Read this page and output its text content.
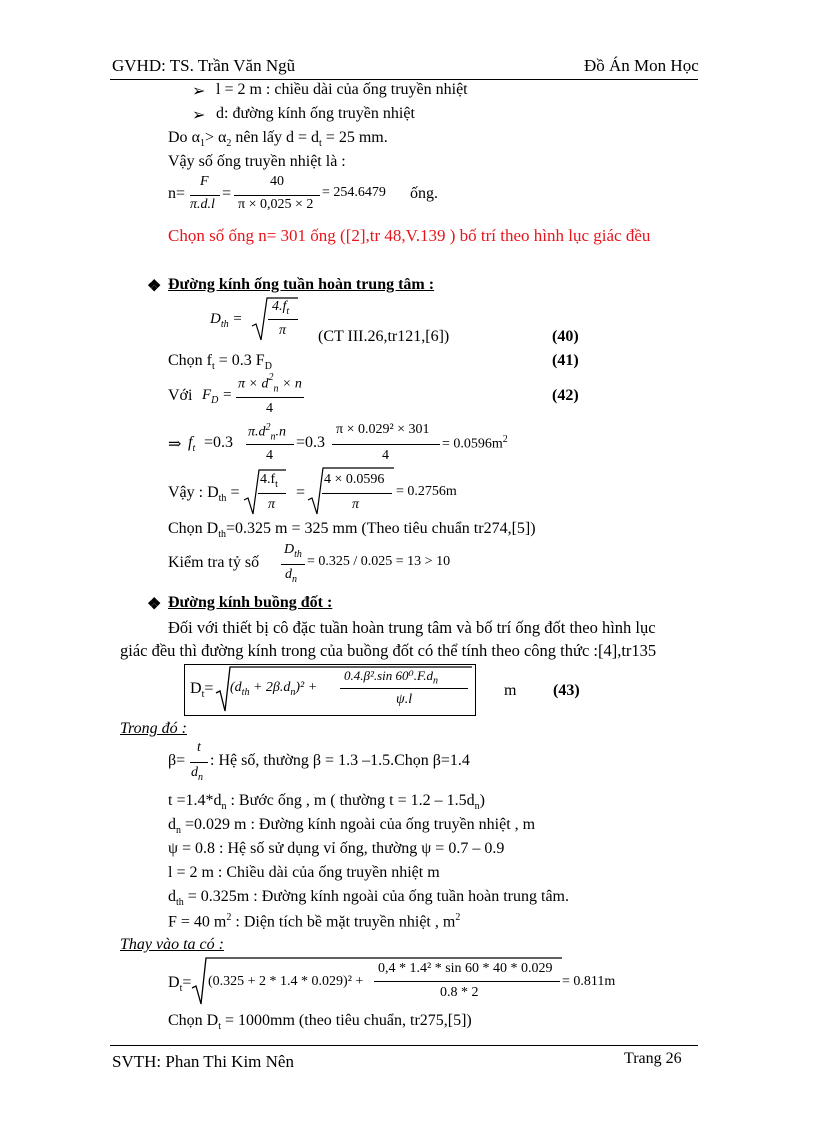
GVHD: TS. Trần Văn Ngũ	Đồ Án Mon Học
➢ l = 2 m : chiều dài của ống truyền nhiệt
➢ d: đường kính ống truyền nhiệt
Do $\alpha_1> \alpha_2$ nên lấy $d = d_t = 25$ mm.
Vậy số ống truyền nhiệt là :
n=
F
π.d.l
=
40
π × 0,025 × 2
= 254.6479 ống.
Chọn số ống n= 301 ống ([2],tr 48,V.139 ) bố trí theo hình lục giác đều
❖ Đường kính ống tuần hoàn trung tâm :
$D_{th}$ =
$4.f_t$
π (CT III.26,tr121,[6])	(40)
Chọn $f_t = 0.3$ $F_D$	(41)
Với $F_D$ =
$\pi \times d^2_n \times n$
4
(42)
⇒ $f_t =0.3$
$\pi.d^2_n.n$
4
=0.3
π × 0.029² × 301
4
= $0.0596m^2$
Vậy : $D_{th}$ =
$4.f_t$
π
=
4 × 0.0596
π
= 0.2756m
Chọn $D_{th}=0.325$ m = 325 mm (Theo tiêu chuẩn tr274,[5])
Kiểm tra tỷ số
$D_{th}$
$d_n$
= 0.325 / 0.025 = 13 > 10
❖ Đường kính buồng đốt :
Đối với thiết bị cô đặc tuần hoàn trung tâm và bố trí ống đốt theo hình lục
giác đều thì đường kính trong của buồng đốt có thể tính theo công thức :[4],tr135
$D_t= (d_{th} + 2\beta.d_n)^2$ +
0.4.β².sin $60^0.F.d_n$
ψ.l
m (43)
Trong đó :
β=
t
$d_n$
: Hệ số, thường β = 1.3 –1.5.Chọn β=1.4
$t =1.4*d_n$ : Bước ống , m ( thường $t = 1.2 - 1.5d_n$)
$d_n =0.029$ m : Đường kính ngoài của ống truyền nhiệt , m
ψ = 0.8 : Hệ số sử dụng vỉ ống, thường ψ = 0.7 – 0.9
l = 2 m : Chiều dài của ống truyền nhiệt m
$d_{th} = 0.325m$ : Đường kính ngoài của ống tuần hoàn trung tâm.
F = 40 $m^2$ : Diện tích bề mặt truyền nhiệt , $m^2$
Thay vào ta có :
$D_t= (0.325 + 2 * 1.4 * 0.029)^2$ +
0,4 * 1.4² * sin 60 * 40 * 0.029
0.8 * 2
= 0.811m
Chọn $D_t = 1000mm$ (theo tiêu chuẩn, tr275,[5])
SVTH: Phan Thi Kim Nên	Trang 26
